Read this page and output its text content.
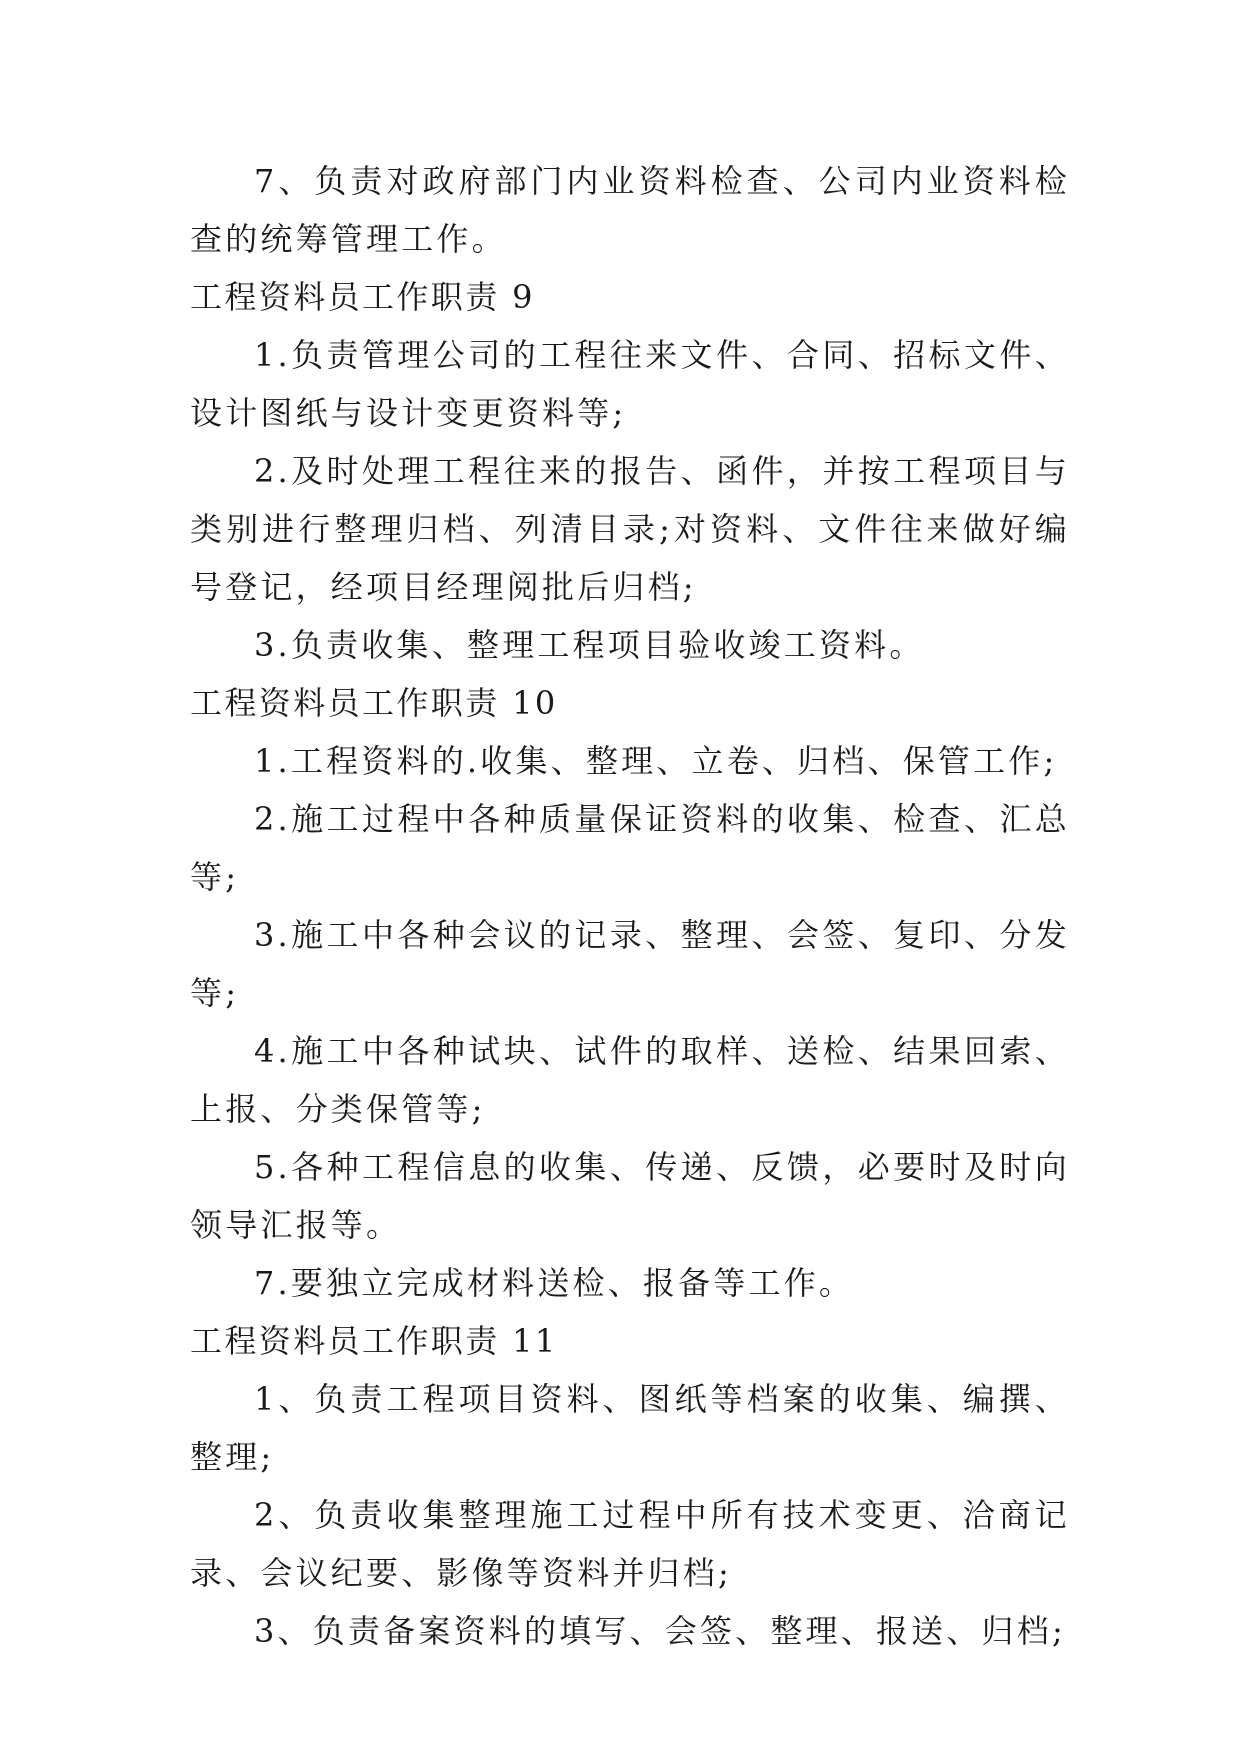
7、负责对政府部门内业资料检查、公司内业资料检查的统筹管理工作。

工程资料员工作职责 9

1.负责管理公司的工程往来文件、合同、招标文件、设计图纸与设计变更资料等;

2.及时处理工程往来的报告、函件，并按工程项目与类别进行整理归档、列清目录;对资料、文件往来做好编号登记，经项目经理阅批后归档;

3.负责收集、整理工程项目验收竣工资料。

工程资料员工作职责 10

1.工程资料的.收集、整理、立卷、归档、保管工作;

2.施工过程中各种质量保证资料的收集、检查、汇总等;

3.施工中各种会议的记录、整理、会签、复印、分发等;

4.施工中各种试块、试件的取样、送检、结果回索、上报、分类保管等;

5.各种工程信息的收集、传递、反馈，必要时及时向领导汇报等。

7.要独立完成材料送检、报备等工作。

工程资料员工作职责 11

1、负责工程项目资料、图纸等档案的收集、编撰、整理;

2、负责收集整理施工过程中所有技术变更、洽商记录、会议纪要、影像等资料并归档;

3、负责备案资料的填写、会签、整理、报送、归档;
